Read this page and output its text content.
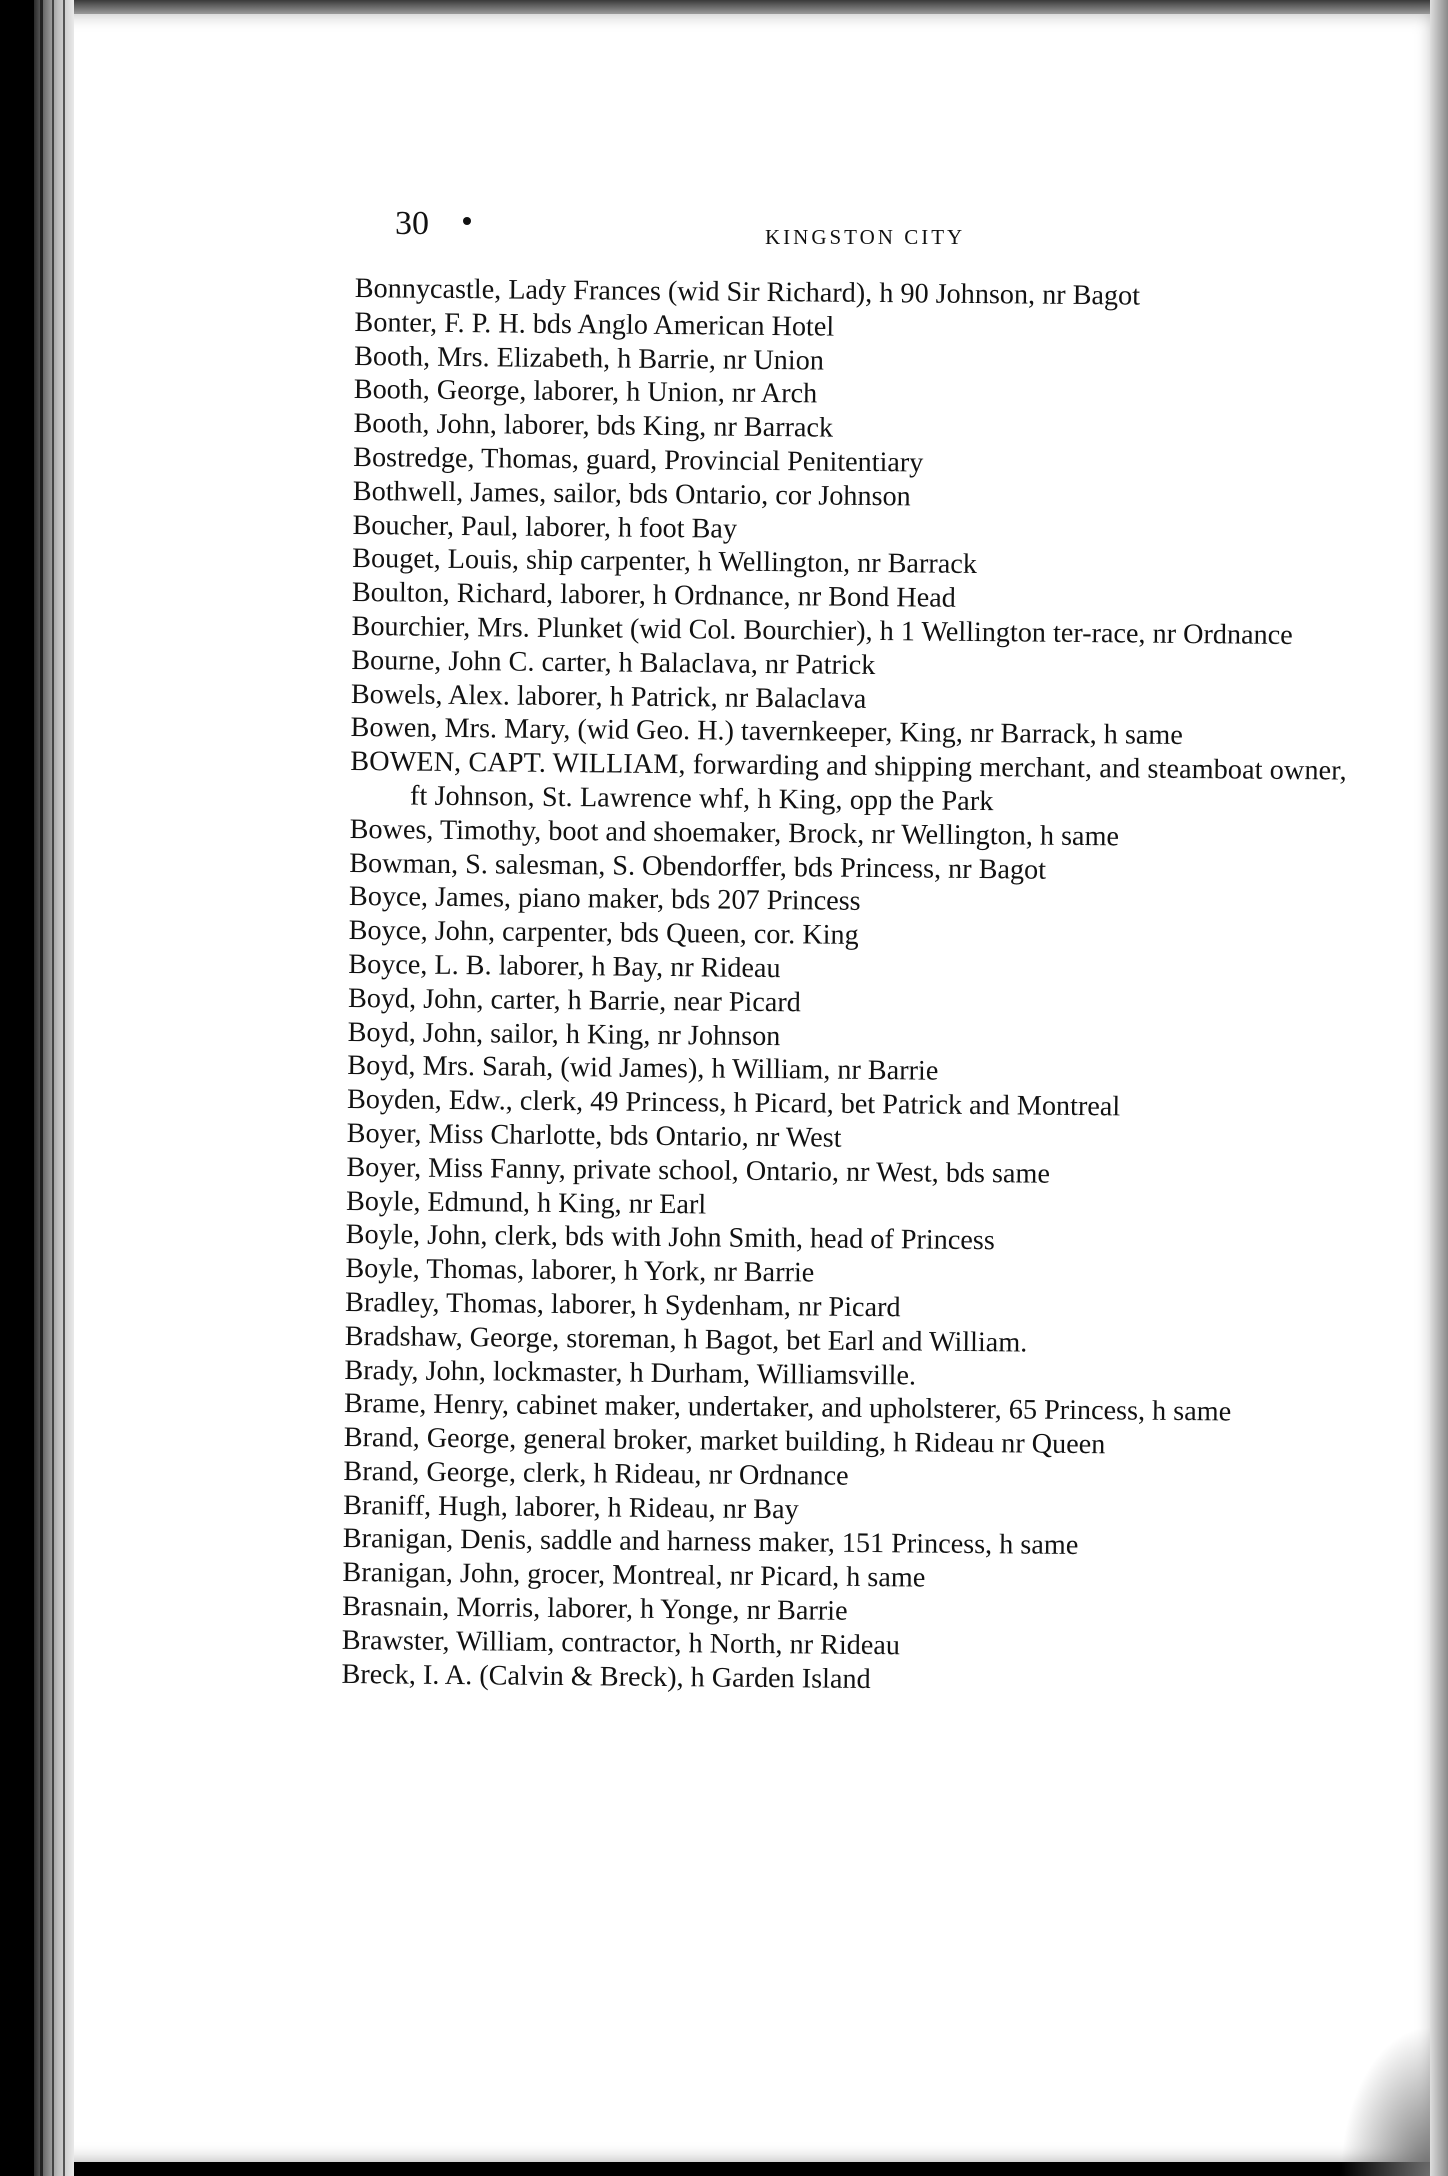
30	KINGSTON CITY
Bonnycastle, Lady Frances (wid Sir Richard), h 90 Johnson, nr Bagot
Bonter, F. P. H. bds Anglo American Hotel
Booth, Mrs. Elizabeth, h Barrie, nr Union
Booth, George, laborer, h Union, nr Arch
Booth, John, laborer, bds King, nr Barrack
Bostredge, Thomas, guard, Provincial Penitentiary
Bothwell, James, sailor, bds Ontario, cor Johnson
Boucher, Paul, laborer, h foot Bay
Bouget, Louis, ship carpenter, h Wellington, nr Barrack
Boulton, Richard, laborer, h Ordnance, nr Bond Head
Bourchier, Mrs. Plunket (wid Col. Bourchier), h 1 Wellington ter-race, nr Ordnance
Bourne, John C. carter, h Balaclava, nr Patrick
Bowels, Alex. laborer, h Patrick, nr Balaclava
Bowen, Mrs. Mary, (wid Geo. H.) tavernkeeper, King, nr Barrack, h same
BOWEN, CAPT. WILLIAM, forwarding and shipping merchant, and steamboat owner, ft Johnson, St. Lawrence whf, h King, opp the Park
Bowes, Timothy, boot and shoemaker, Brock, nr Wellington, h same
Bowman, S. salesman, S. Obendorffer, bds Princess, nr Bagot
Boyce, James, piano maker, bds 207 Princess
Boyce, John, carpenter, bds Queen, cor. King
Boyce, L. B. laborer, h Bay, nr Rideau
Boyd, John, carter, h Barrie, near Picard
Boyd, John, sailor, h King, nr Johnson
Boyd, Mrs. Sarah, (wid James), h William, nr Barrie
Boyden, Edw., clerk, 49 Princess, h Picard, bet Patrick and Montreal
Boyer, Miss Charlotte, bds Ontario, nr West
Boyer, Miss Fanny, private school, Ontario, nr West, bds same
Boyle, Edmund, h King, nr Earl
Boyle, John, clerk, bds with John Smith, head of Princess
Boyle, Thomas, laborer, h York, nr Barrie
Bradley, Thomas, laborer, h Sydenham, nr Picard
Bradshaw, George, storeman, h Bagot, bet Earl and William.
Brady, John, lockmaster, h Durham, Williamsville.
Brame, Henry, cabinet maker, undertaker, and upholsterer, 65 Princess, h same
Brand, George, general broker, market building, h Rideau nr Queen
Brand, George, clerk, h Rideau, nr Ordnance
Braniff, Hugh, laborer, h Rideau, nr Bay
Branigan, Denis, saddle and harness maker, 151 Princess, h same
Branigan, John, grocer, Montreal, nr Picard, h same
Brasnain, Morris, laborer, h Yonge, nr Barrie
Brawster, William, contractor, h North, nr Rideau
Breck, I. A. (Calvin & Breck), h Garden Island
